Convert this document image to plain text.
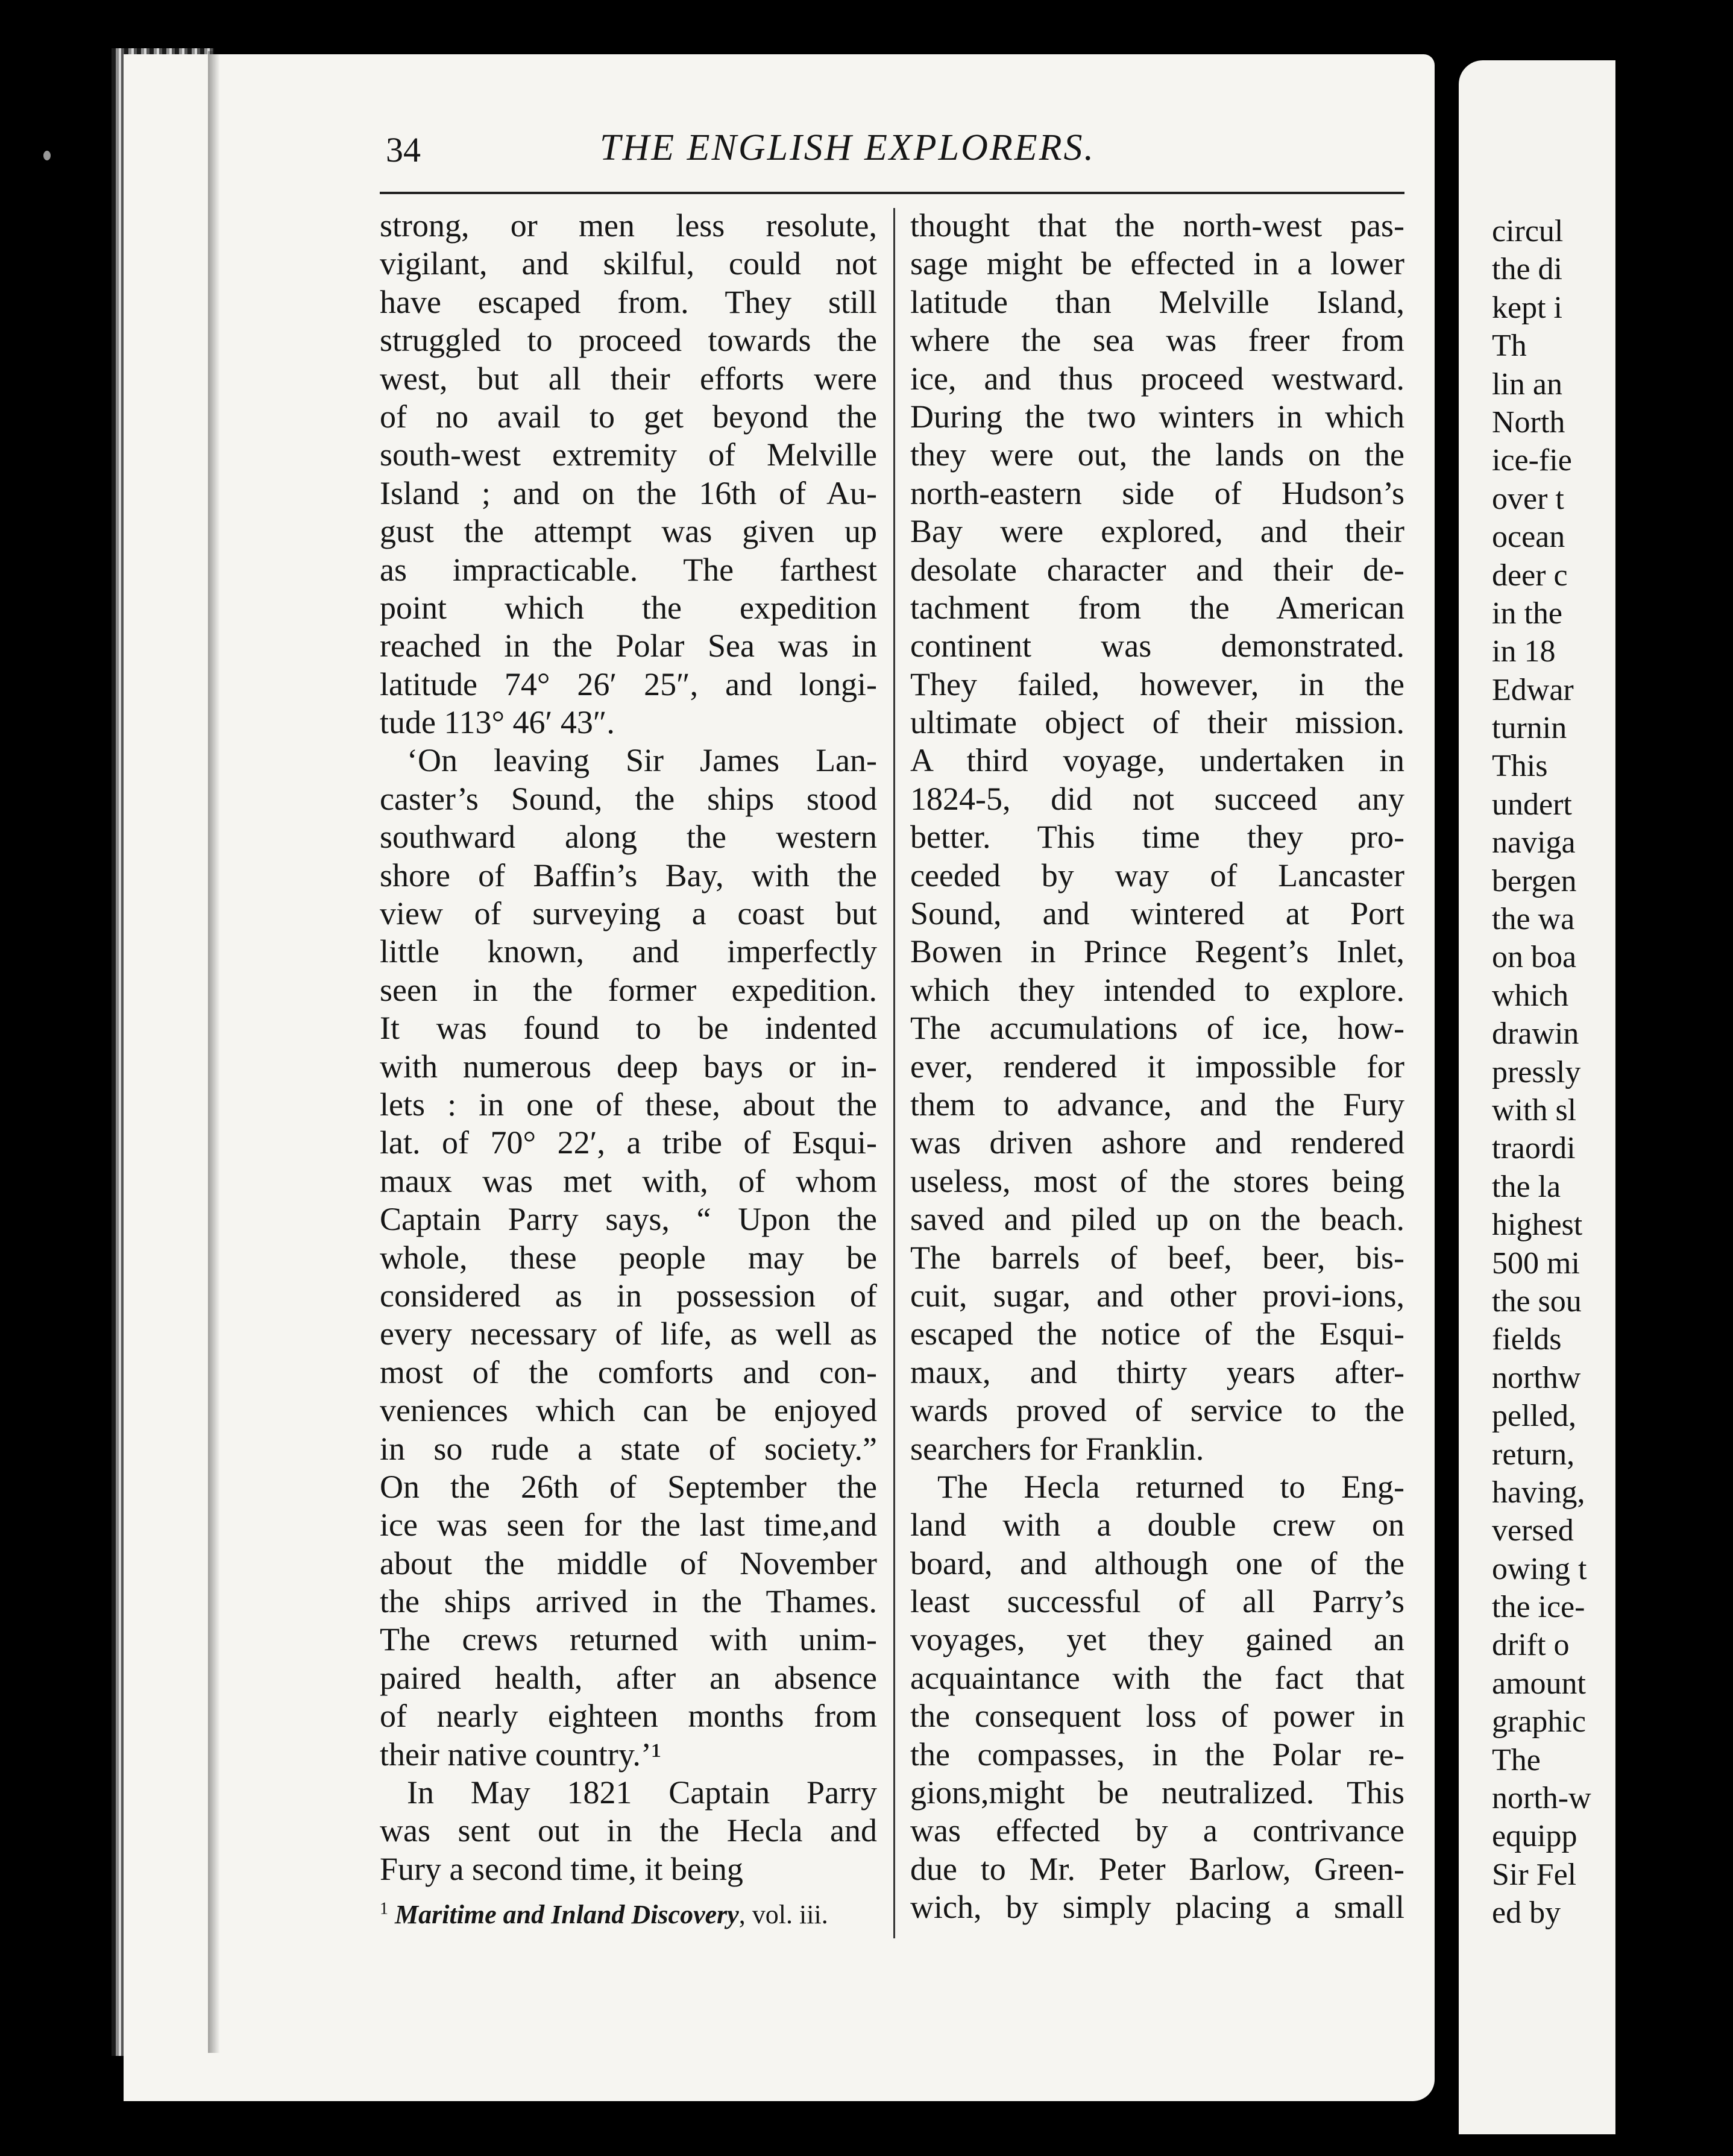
34	THE ENGLISH EXPLORERS.
strong, or men less resolute,
vigilant, and skilful, could not
have escaped from. They still
struggled to proceed towards the
west, but all their efforts were
of no avail to get beyond the
south-west extremity of Melville
Island ; and on the 16th of Au-
gust the attempt was given up
as impracticable. The farthest
point which the expedition
reached in the Polar Sea was in
latitude 74° 26′ 25″, and longi-
tude 113° 46′ 43″.
‘On leaving Sir James Lan-
caster’s Sound, the ships stood
southward along the western
shore of Baffin’s Bay, with the
view of surveying a coast but
little known, and imperfectly
seen in the former expedition.
It was found to be indented
with numerous deep bays or in-
lets : in one of these, about the
lat. of 70° 22′, a tribe of Esqui-
maux was met with, of whom
Captain Parry says, “ Upon the
whole, these people may be
considered as in possession of
every necessary of life, as well as
most of the comforts and con-
veniences which can be enjoyed
in so rude a state of society.”
On the 26th of September the
ice was seen for the last time,and
about the middle of November
the ships arrived in the Thames.
The crews returned with unim-
paired health, after an absence
of nearly eighteen months from
their native country.’¹
In May 1821 Captain Parry
was sent out in the Hecla and
Fury a second time, it being
thought that the north-west pas-
sage might be effected in a lower
latitude than Melville Island,
where the sea was freer from
ice, and thus proceed westward.
During the two winters in which
they were out, the lands on the
north-eastern side of Hudson’s
Bay were explored, and their
desolate character and their de-
tachment from the American
continent was demonstrated.
They failed, however, in the
ultimate object of their mission.
A third voyage, undertaken in
1824-5, did not succeed any
better. This time they pro-
ceeded by way of Lancaster
Sound, and wintered at Port
Bowen in Prince Regent’s Inlet,
which they intended to explore.
The accumulations of ice, how-
ever, rendered it impossible for
them to advance, and the Fury
was driven ashore and rendered
useless, most of the stores being
saved and piled up on the beach.
The barrels of beef, beer, bis-
cuit, sugar, and other provi-ions,
escaped the notice of the Esqui-
maux, and thirty years after-
wards proved of service to the
searchers for Franklin.
The Hecla returned to Eng-
land with a double crew on
board, and although one of the
least successful of all Parry’s
voyages, yet they gained an
acquaintance with the fact that
the consequent loss of power in
the compasses, in the Polar re-
gions,might be neutralized. This
was effected by a contrivance
due to Mr. Peter Barlow, Green-
wich, by simply placing a small
$^1$ Maritime and Inland Discovery, vol. iii.
circul
the di
kept i
Th
lin an
North
ice-fie
over t
ocean
deer c
in the
in 18
Edwar
turnin
This
undert
naviga
bergen
the wa
on boa
which
drawin
pressly
with sl
traordi
the la
highest
500 mi
the sou
fields
northw
pelled,
return,
having,
versed
owing t
the ice-
drift o
amount
graphic
The
north-w
equipp
Sir Fel
ed by
